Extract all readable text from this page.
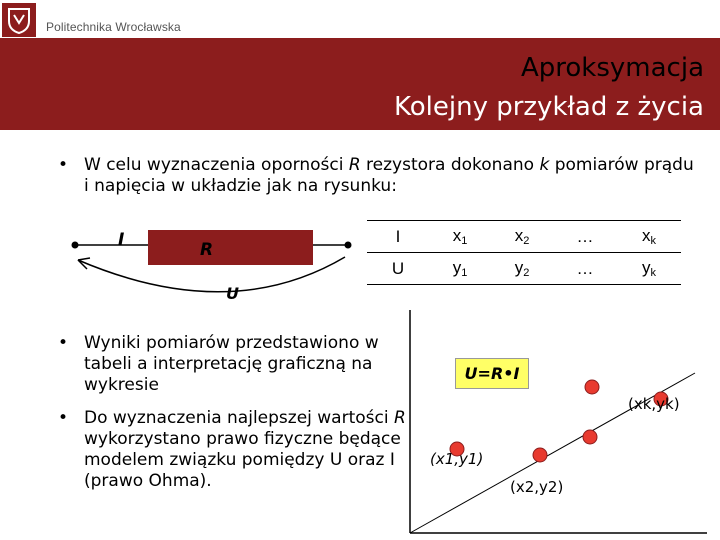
Politechnika Wrocławska
Aproksymacja
Kolejny przykład z życia
• W celu wyznaczenia oporności R rezystora dokonano k pomiarów prądu i napięcia w układzie jak na rysunku:
I	R
U
I	$x_1$	$x_2$	…	$x_k$
U	$y_1$	$y_2$	…	$y_k$
• Wyniki pomiarów przedstawiono w tabeli a interpretację graficzną na wykresie
• Do wyznaczenia najlepszej wartości R wykorzystano prawo fizyczne będące modelem związku pomiędzy U oraz I (prawo Ohma).
U=R•I
(x1,y1)
(x2,y2)
(xk,yk)
